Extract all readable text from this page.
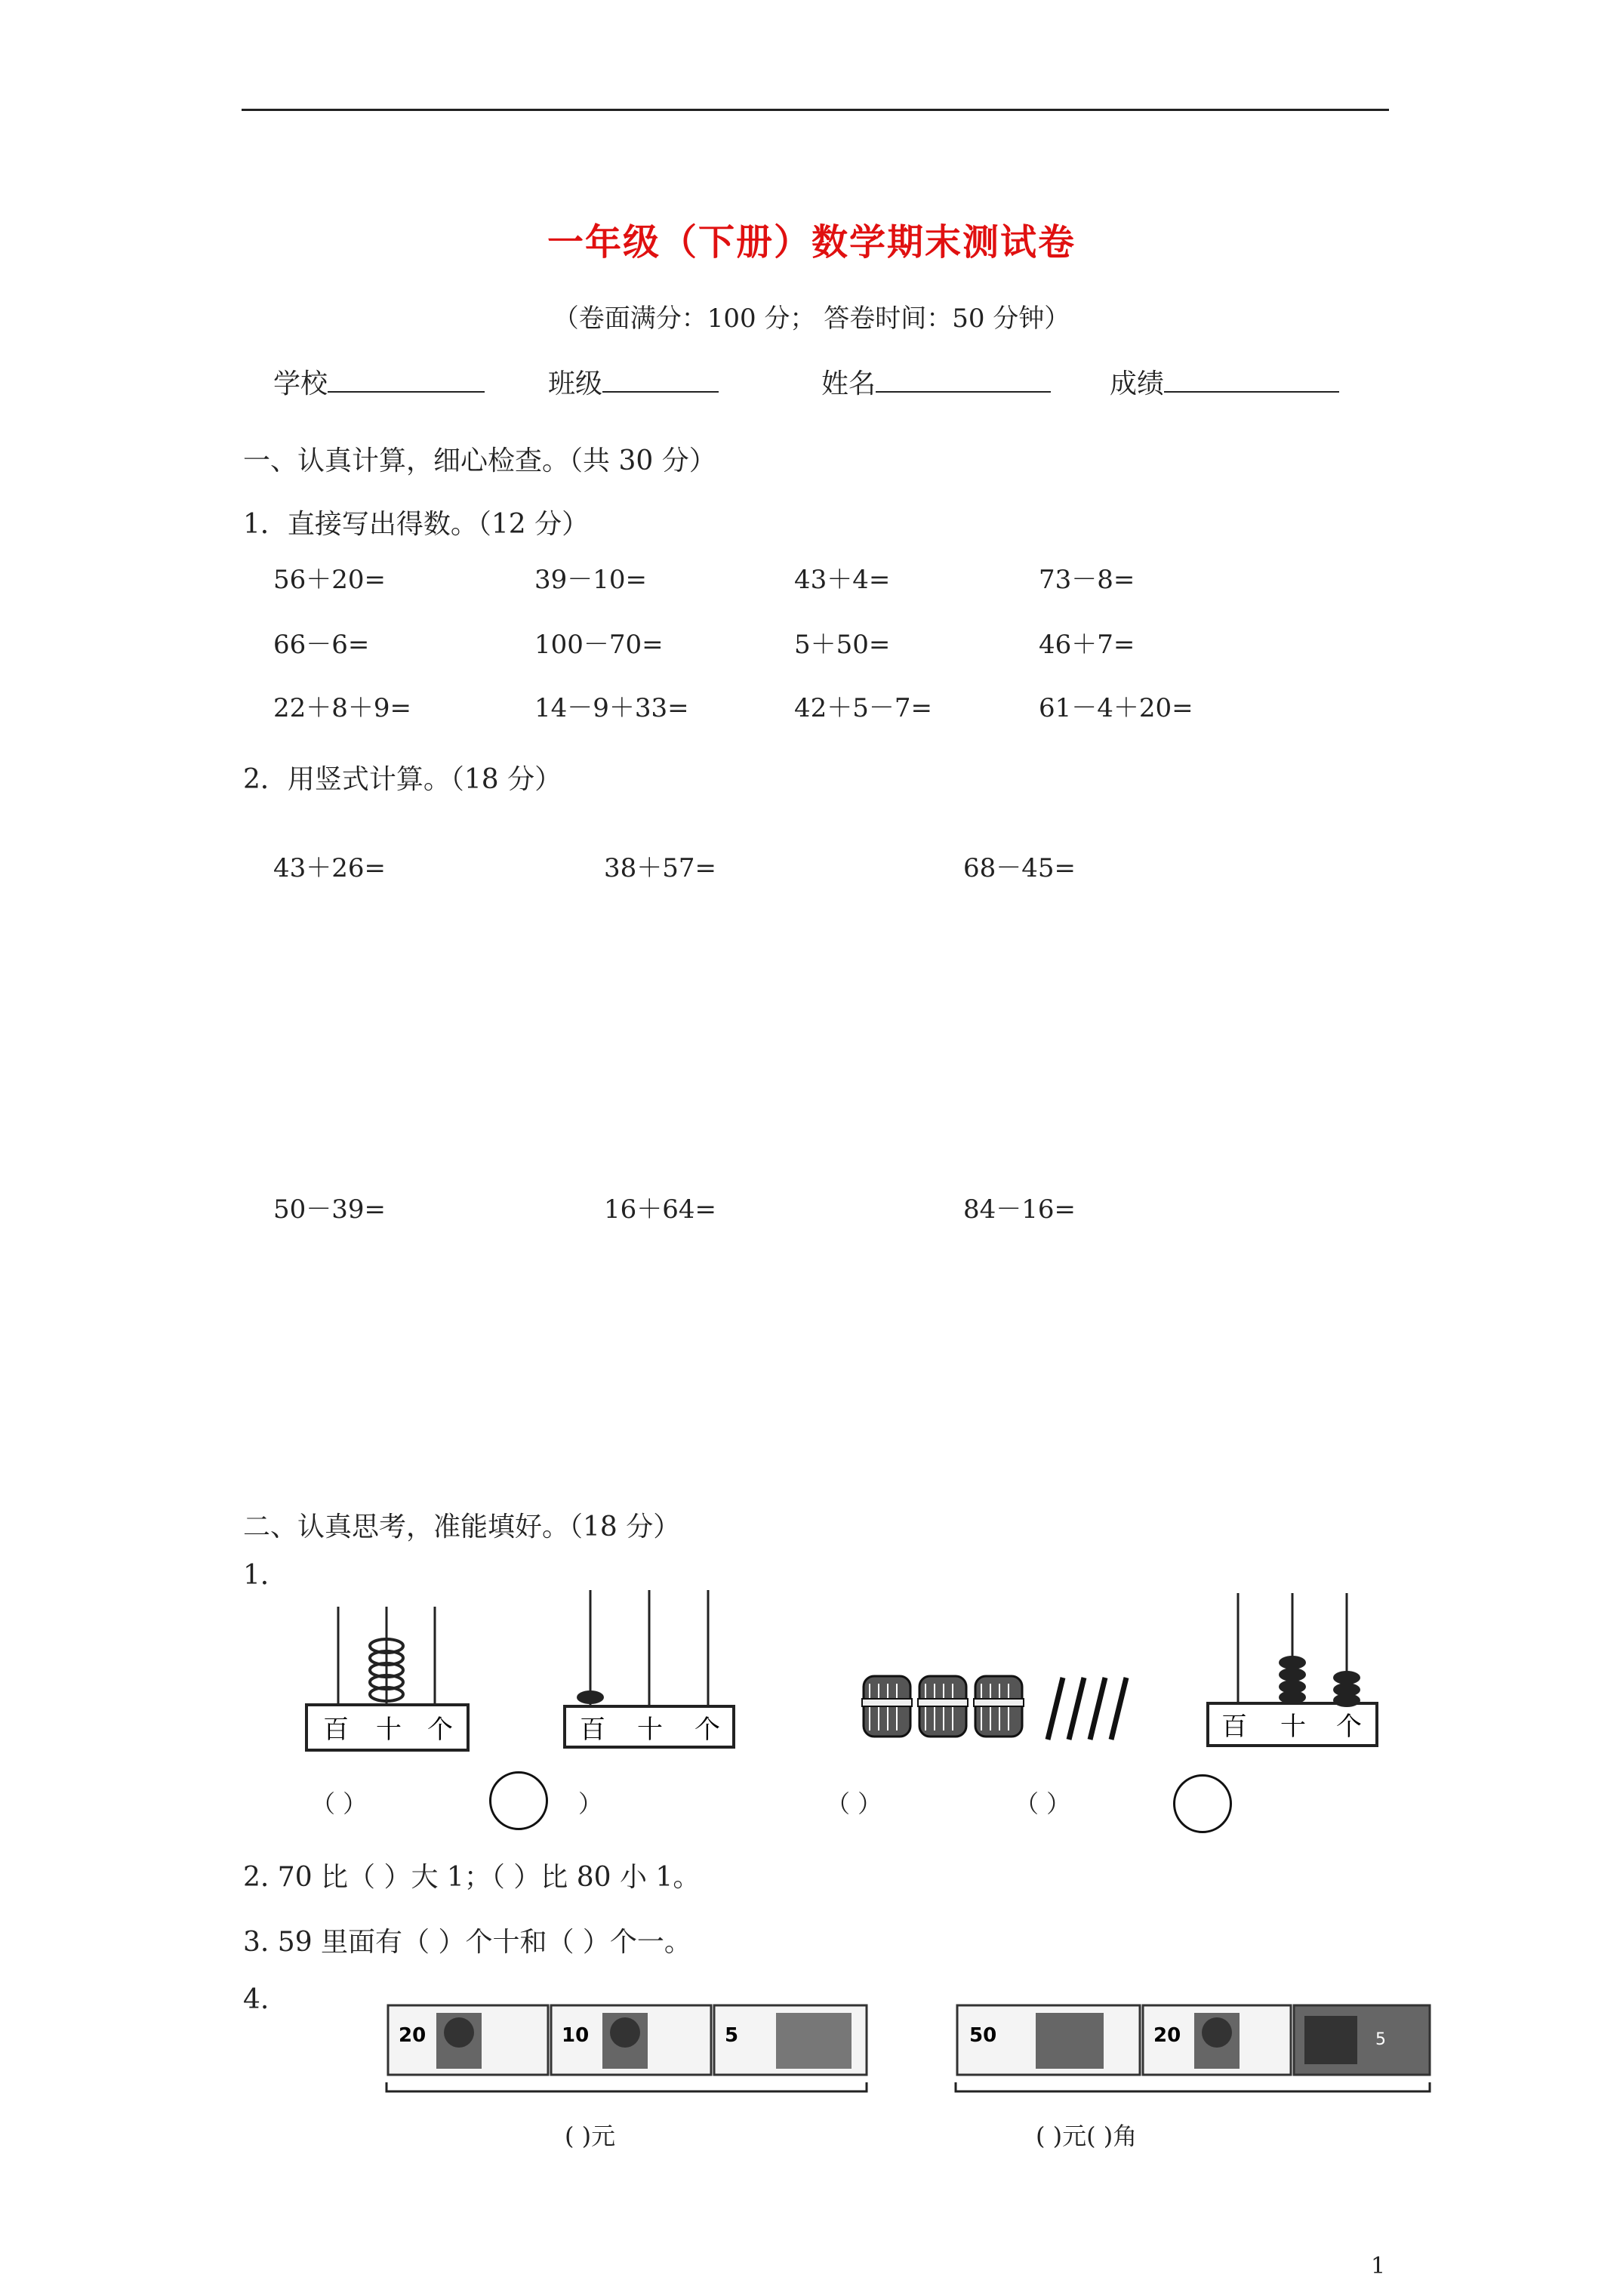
一年级（下册）数学期末测试卷
（卷面满分：100 分； 答卷时间：50 分钟）
学校	班级	姓名	成绩
一、认真计算，细心检查。（共 30 分）
1．直接写出得数。（12 分）
56＋20=	39－10=	43＋4=	73－8=
66－6=	100－70=	5＋50=	46＋7=
22＋8＋9=	14－9＋33=	42＋5－7=	61－4＋20=
2．用竖式计算。（18 分）
43＋26=	38＋57=	68－45=
50－39=	16＋64=	84－16=
二、认真思考，准能填好。（18 分）
1．
百 十 个	百 十 个	百 十 个
（ ）	）	（ ）	（ ）
2. 70 比（ ）大 1；（ ）比 80 小 1。
3. 59 里面有（ ）个十和（ ）个一。
4.
20	10	5
( )元
50	20	5
( )元( )角
1
